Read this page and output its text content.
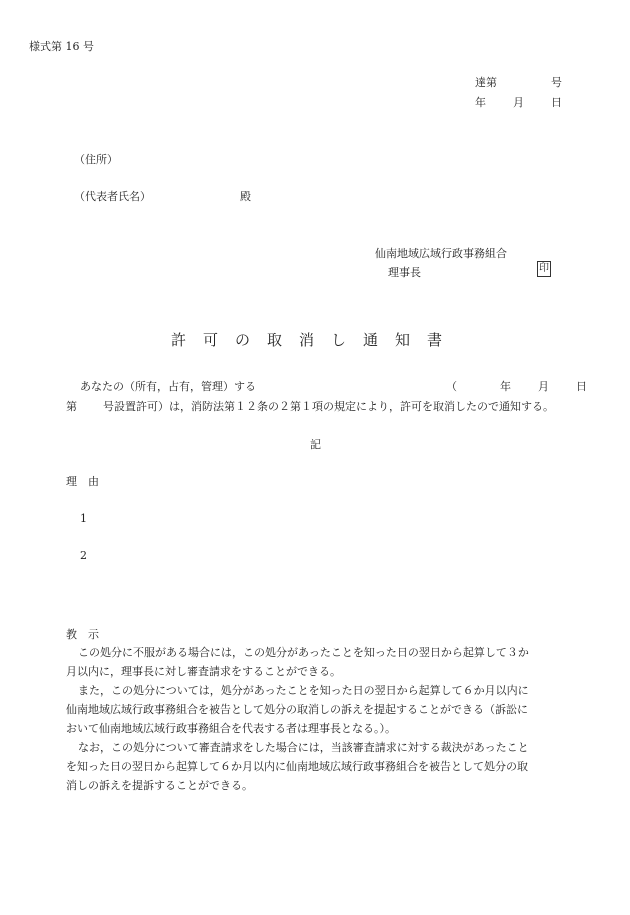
様式第 16 号
達第	号
年 月 日
（住所）
（代表者氏名）	殿
仙南地域広域行政事務組合
理事長	印
許可の取消し通知書
あなたの（所有，占有，管理）する	（	年 月 日
第 号設置許可）は，消防法第１２条の２第１項の規定により，許可を取消したので通知する。
記
理　由
1
2
教　示
この処分に不服がある場合には，この処分があったことを知った日の翌日から起算して３か
月以内に，理事長に対し審査請求をすることができる。
また，この処分については，処分があったことを知った日の翌日から起算して６か月以内に
仙南地域広域行政事務組合を被告として処分の取消しの訴えを提起することができる（訴訟に
おいて仙南地域広域行政事務組合を代表する者は理事長となる。）。
なお，この処分について審査請求をした場合には，当該審査請求に対する裁決があったこと
を知った日の翌日から起算して６か月以内に仙南地域広域行政事務組合を被告として処分の取
消しの訴えを提訴することができる。
